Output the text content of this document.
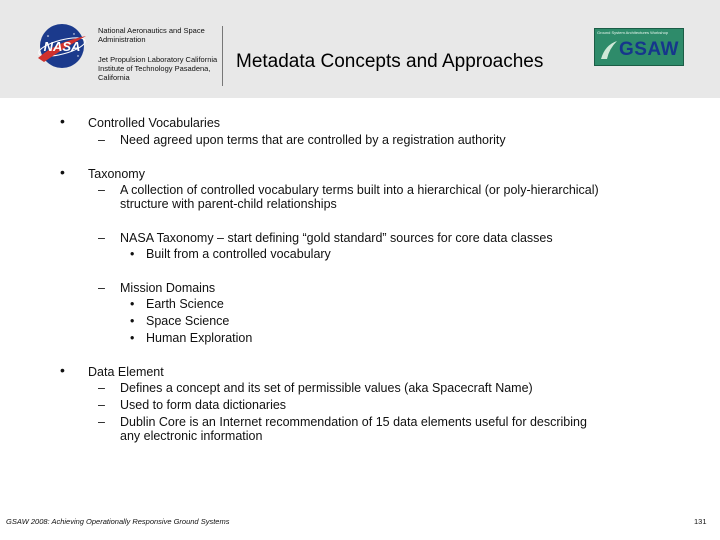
NASA
National Aeronautics and Space Administration
Jet Propulsion Laboratory California Institute of Technology Pasadena, California
Metadata Concepts and Approaches
Ground System Architectures Workshop
GSAW
• Controlled Vocabularies
– Need agreed upon terms that are controlled by a registration authority
• Taxonomy
– A collection of controlled vocabulary terms built into a hierarchical (or poly-hierarchical)
structure with parent-child relationships
– NASA Taxonomy – start defining “gold standard” sources for core data classes
• Built from a controlled vocabulary
– Mission Domains
• Earth Science
• Space Science
• Human Exploration
• Data Element
– Defines a concept and its set of permissible values (aka Spacecraft Name)
– Used to form data dictionaries
– Dublin Core is an Internet recommendation of 15 data elements useful for describing
any electronic information
GSAW 2008: Achieving Operationally Responsive Ground Systems	131
